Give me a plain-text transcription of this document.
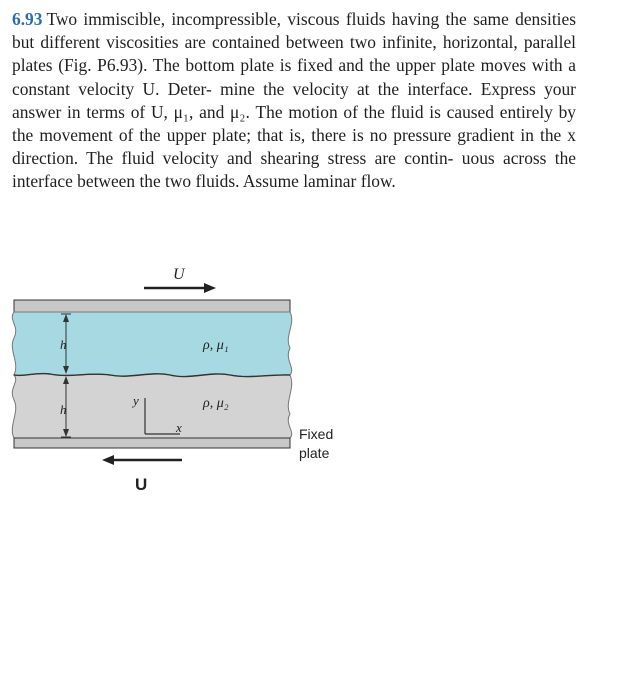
6.93 Two immiscible, incompressible, viscous fluids having the same densities but different viscosities are contained between two infinite, horizontal, parallel plates (Fig. P6.93). The bottom plate is fixed and the upper plate moves with a constant velocity U. Deter- mine the velocity at the interface. Express your answer in terms of U, μ₁, and μ₂. The motion of the fluid is caused entirely by the movement of the upper plate; that is, there is no pressure gradient in the x direction. The fluid velocity and shearing stress are contin- uous across the interface between the two fluids. Assume laminar flow.
U
ρ, μ₁
ρ, μ₂
h
h
y
x	Fixed
plate
U
